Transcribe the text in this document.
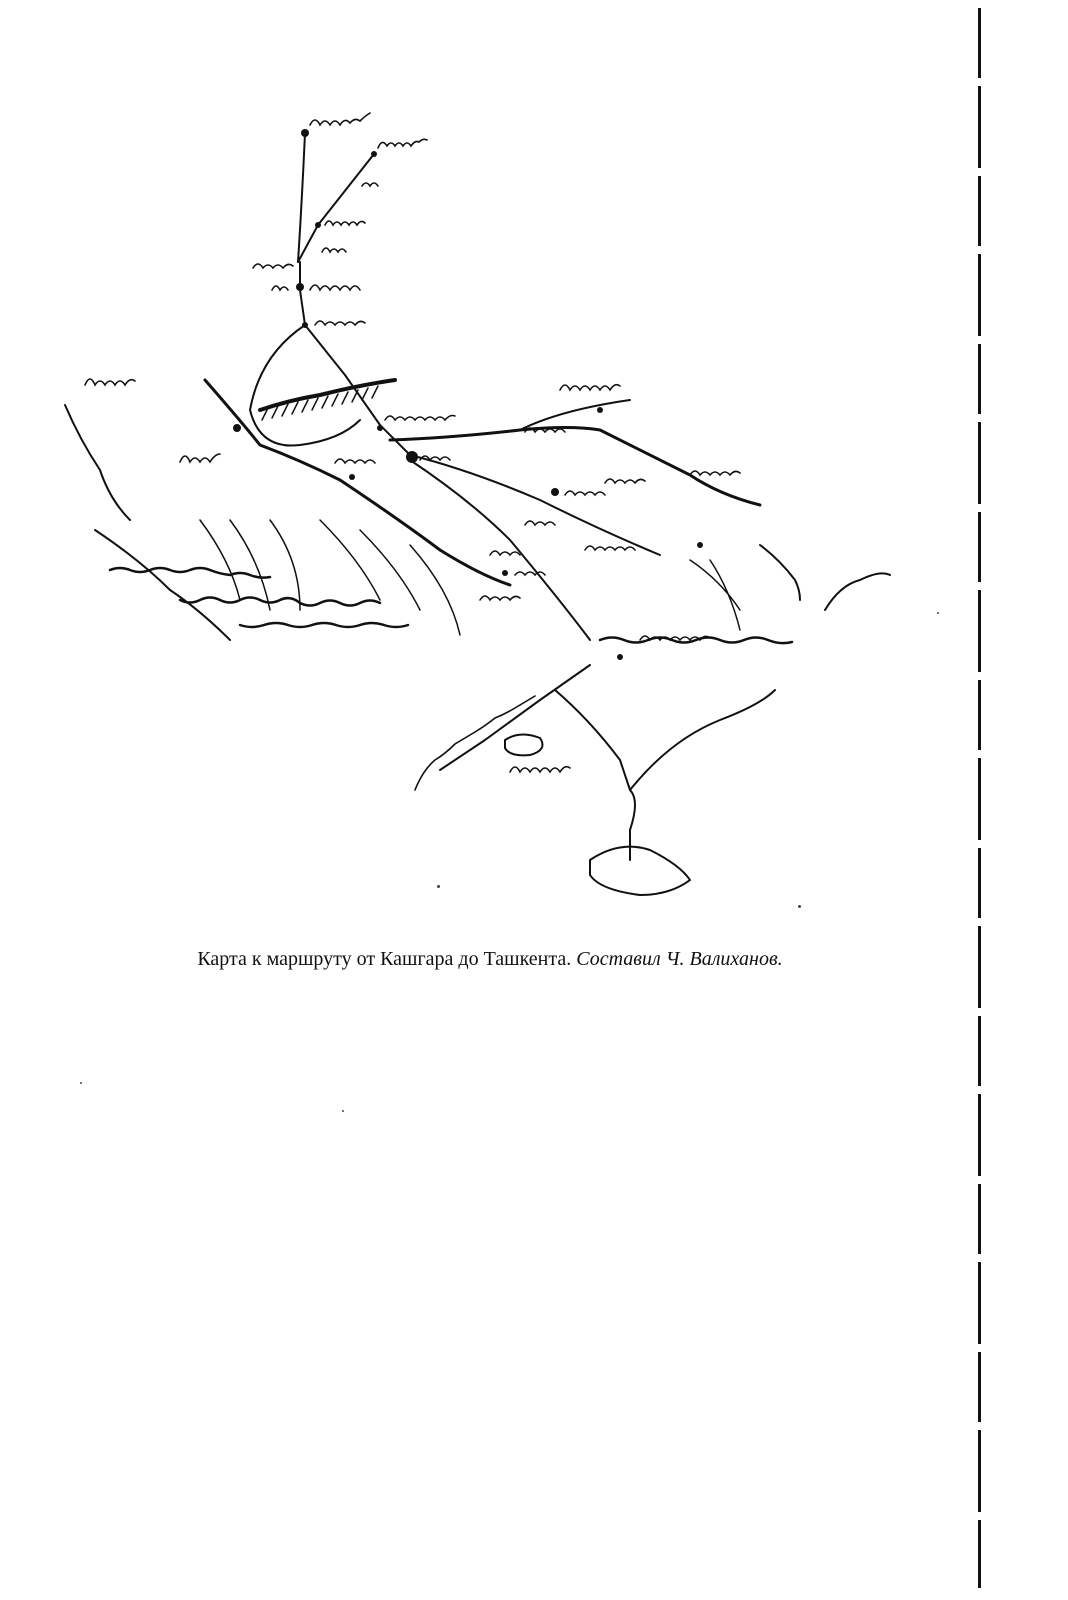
Карта к маршруту от Кашгара до Ташкента. Составил Ч. Валиханов.
